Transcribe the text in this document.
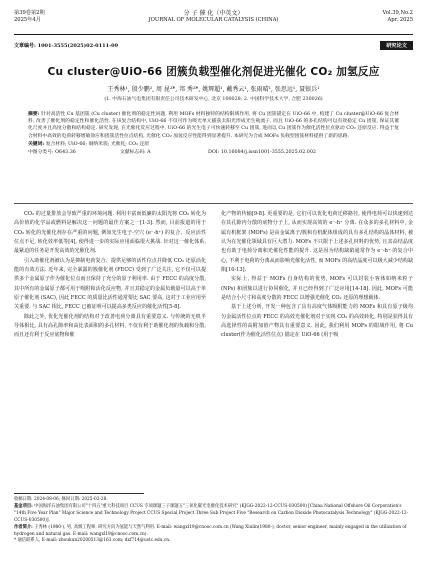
第39卷第2期
2025年4月
分 子 催 化（中英文）
JOURNAL OF MOLECULAR CATALYSIS (CHINA)
Vol.39,No.2
Apr. 2025
文章编号: 1001-3555(2025)02-0111-09	研究论文
Cu cluster@UiO-66 团簇负载型催化剂促进光催化 CO₂ 加氢反应
王秀林¹, 殷少鹏², 周 昆²*, 邦 秀²*, 姚辉超¹, 戴秀云¹, 张雨晴¹, 张思远¹, 聂银兵¹
(1. 中海石油气电集团有限责任公司技术研发中心, 北京 100028; 2. 中国科学技术大学, 合肥 230026)
摘要: 针对高活性 Cu 基团簇 (Cu cluster) 催化剂的稳定性问题, 利用 MOFs 材料独特的结构限域作用, 将 Cu 团簇锚定在 UiO-66 中, 构建了 Cu cluster@UiO-66 复合材料, 改善了催化剂的稳定性和催化活性. 在该复合结构中, UiO-66 不仅可作为吸光单元捕获太阳光形成光生载流子, 而且 UiO-66 的多孔结构可以有效稳定 Cu 团簇, 保证其催化尺度并且高度分散和结构稳定. 研究发现, 在光催化反应过程中, UiO-66 的光生电子可快速转移至 Cu 团簇, 进而以 Cu 团簇作为催化活性位点驱动 CO₂ 还原反应. 得益于复合材料中高效的电荷转移增敏效应和团簇活性位点结构, 光催化 CO₂ 加氢反应性能得到显著提升. 本研究为合成 MOFs 负载型团簇材料提供了新的思路.
关键词: 复合材料; UiO-66; 铜纳米簇; 光催化; CO₂ 还原
中图分类号: O643.36	文献标志码: A	DOI: 10.16084/j.issn1001-3555.2025.02.002

CO₂ 的过量排放会导致严重的环境问题. 利用丰富而低廉的太阳光将 CO₂ 转化为高价值的化学品或燃料是解决这一问题的最佳方案之一[1-3]. 然而, 目前报道的用于 CO₂ 转化的光催化剂存在严重的问题, 例如光生电子-空穴 (e⁻-h⁺) 的复合、反应活性位点不足, 转化效率低等[4], 使得进一步的实际应用面临很大挑战. 针对这一催化体系, 最紧迫的任务是开发高效的光催化剂.

引入助催化剂被认为是抑制电荷复合、提供足够的活性位点并降低 CO₂ 还原活化能的有效方法. 近年来, 完全暴露的簇催化剂 (FECC) 受到了广泛关注, 它不仅可以提供多个金属原子作为催化位点而且保持了充分的原子利用率. 由于 FECC 的高度分散, 其中所有的金属原子都可用于吸附和活化反应物, 并且其稳定的金属负载量可以高于单原子催化剂 (SAC), 因此 FECC 的质量比活性通常要比 SAC 要高, 这对于工业应用至关重要. 与 SAC 相比, FECC 已被证明可以提高多类反应的催化活性[5-8].

除此之外, 优化光催化剂的结构对于改善电荷分离具有重要意义. 与传统的无机半导体相比, 具有高孔隙率和高比表面积的多孔材料, 不仅有利于助催化剂的负载和分散, 而且还有利于反应底物和催

化产物的传输[9-8]. 更重要的是, 它们可以优化电荷迁移路径, 使得电荷可以快速到达在其孔隙内分散的底物分子上, 从而实现高效的 e⁻-h⁺ 分离. 在众多的多孔材料中, 金属有机框架 (MOFs) 是由金属离子/簇和有机配体组成的具有多孔结构的晶体材料, 被认为在光催化领域具有巨大潜力. MOFs 不只限于上述多孔材料的优势, 且其高结晶度也有助于电荷分离和光催化性能的提升. 这是因为结构缺陷通常作为 e⁻-h⁺ 的复合中心, 不利于电荷的分离从而影响光催化活性, 而 MOFs 的高结晶度可以极大减少结构缺陷[10-13].

实际上, 得益于 MOFs 自身结构的优势, MOFs 可以封装小客体如纳米粒子 (NPs) 和团簇以进行协同催化, 并且已经得到了广泛应用[14-18]. 因此, MOFs 可能是结合小尺寸和高度分散的 FECC 以增强光催化 CO₂ 还原的理想载体.

基于上述分析, 开发一种包含了具有高度气体吸附能力的 MOFs 和具有原子级均匀金属活性位点的 FECC 的高效光催化剂对于实现 CO₂ 的高效转化, 特别是获得具有高选择性的高附加值产物具有重要意义. 因此, 我们利用 MOFs 的限域作用, 将 Cu cluster(作为催化活性位点) 锚定在 UiO-66 (用于吸

收稿日期: 2024-08-06; 修回日期: 2025-02-28.
基金项目: 中国海洋石油集团有限公司"十四五"重大科技项目 CCUS 专项课题三子课题五"三氧化碳光电催化技术研究" (KJGG-2022-12-CCUS-030500) [China National Offshore Oil Corporation's "14th Five Year Plan" Major Science and Technology Project CCUS Special Project Three Sub Project Five "Research on Carbon Dioxide Photocatalysis Technology" (KJGG-2022-12-CCUS-030500)].
作者简介: 王秀林 (1980-), 男, 高级工程师, 研究方向为氢能与天然气利用. E-mail: wangxl19@cnooc.com.cn (Wang Xiulin(1980-), doctor, senior engineer, mainly engaged in the utilization of hydrogen and natural gas. E-mail: wangxl19@cnooc.com.cn).
* 通信联系人, E-mail: zhoukun20200513@163.com; dxf714@ustc.edu.cn.
